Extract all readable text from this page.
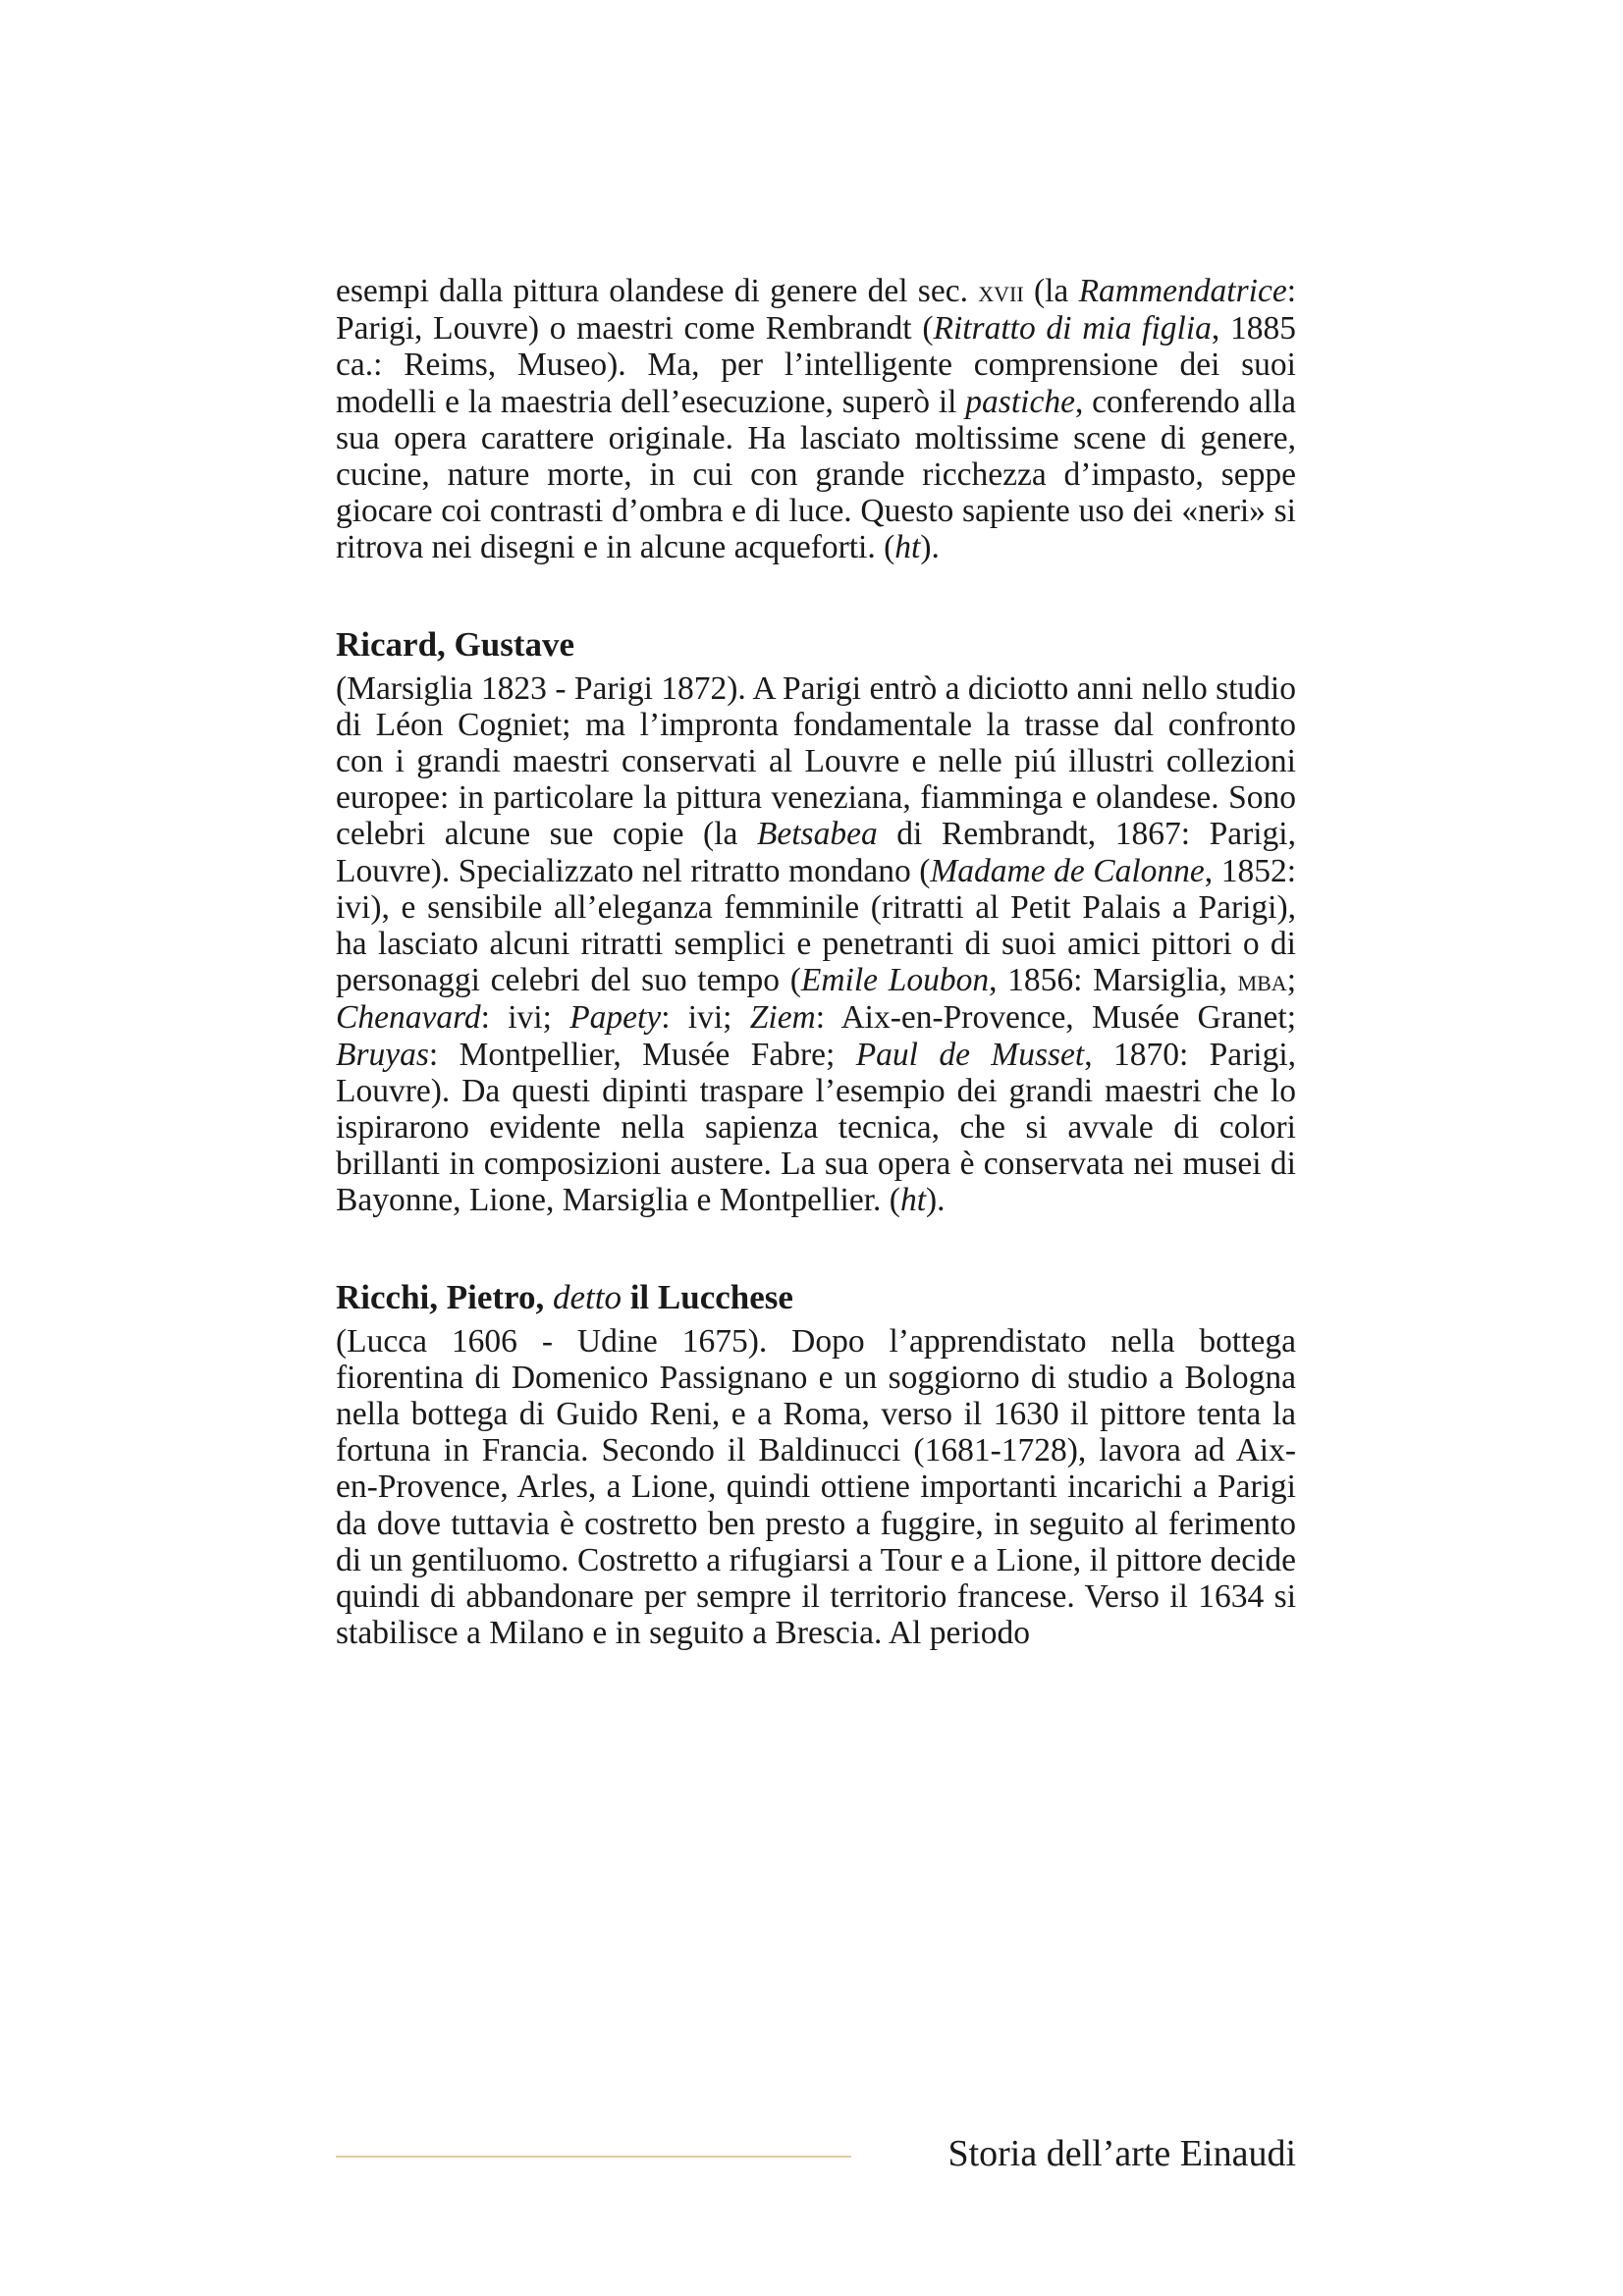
esempi dalla pittura olandese di genere del sec. xvii (la Rammendatrice: Parigi, Louvre) o maestri come Rembrandt (Ritratto di mia figlia, 1885 ca.: Reims, Museo). Ma, per l’intelligente comprensione dei suoi modelli e la maestria dell’esecuzione, superò il pastiche, conferendo alla sua opera carattere originale. Ha lasciato moltissime scene di genere, cucine, nature morte, in cui con grande ricchezza d’impasto, seppe giocare coi contrasti d’ombra e di luce. Questo sapiente uso dei «neri» si ritrova nei disegni e in alcune acqueforti. (ht).

Ricard, Gustave

(Marsiglia 1823 - Parigi 1872). A Parigi entrò a diciotto anni nello studio di Léon Cogniet; ma l’impronta fondamentale la trasse dal confronto con i grandi maestri conservati al Louvre e nelle piú illustri collezioni europee: in particolare la pittura veneziana, fiamminga e olandese. Sono celebri alcune sue copie (la Betsabea di Rembrandt, 1867: Parigi, Louvre). Specializzato nel ritratto mondano (Madame de Calonne, 1852: ivi), e sensibile all’eleganza femminile (ritratti al Petit Palais a Parigi), ha lasciato alcuni ritratti semplici e penetranti di suoi amici pittori o di personaggi celebri del suo tempo (Emile Loubon, 1856: Marsiglia, mba; Chenavard: ivi; Papety: ivi; Ziem: Aix-en-Provence, Musée Granet; Bruyas: Montpellier, Musée Fabre; Paul de Musset, 1870: Parigi, Louvre). Da questi dipinti traspare l’esempio dei grandi maestri che lo ispirarono evidente nella sapienza tecnica, che si avvale di colori brillanti in composizioni austere. La sua opera è conservata nei musei di Bayonne, Lione, Marsiglia e Montpellier. (ht).

Ricchi, Pietro, detto il Lucchese

(Lucca 1606 - Udine 1675). Dopo l’apprendistato nella bottega fiorentina di Domenico Passignano e un soggiorno di studio a Bologna nella bottega di Guido Reni, e a Roma, verso il 1630 il pittore tenta la fortuna in Francia. Secondo il Baldinucci (1681-1728), lavora ad Aix-en-Provence, Arles, a Lione, quindi ottiene importanti incarichi a Parigi da dove tuttavia è costretto ben presto a fuggire, in seguito al ferimento di un gentiluomo. Costretto a rifugiarsi a Tour e a Lione, il pittore decide quindi di abbandonare per sempre il territorio francese. Verso il 1634 si stabilisce a Milano e in seguito a Brescia. Al periodo

Storia dell’arte Einaudi
